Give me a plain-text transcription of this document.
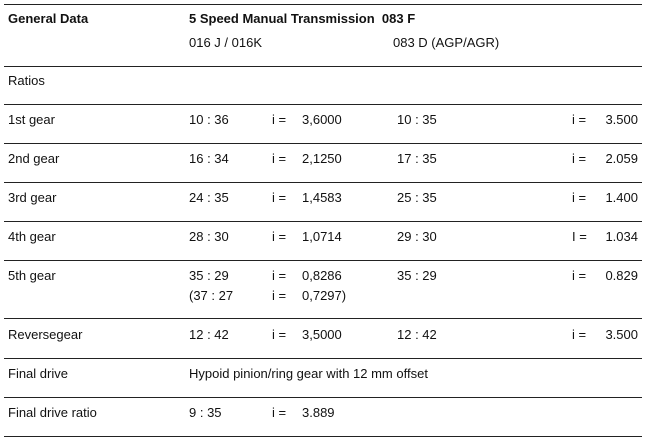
General Data	5 Speed Manual Transmission  083 F
016 J / 016K	083 D (AGP/AGR)
Ratios
1st gear	10 : 36	i = 3,6000	10 : 35	i =	3.500
2nd gear	16 : 34	i = 2,1250	17 : 35	i =	2.059
3rd gear	24 : 35	i = 1,4583	25 : 35	i =	1.400
4th gear	28 : 30	i = 1,0714	29 : 30	I =	1.034
5th gear	35 : 29	i = 0,8286	35 : 29	i =	0.829
(37 : 27	i = 0,7297)
Reversegear	12 : 42	i = 3,5000	12 : 42	i =	3.500
Final drive	Hypoid pinion/ring gear with 12 mm offset
Final drive ratio	9 : 35	i = 3.889
